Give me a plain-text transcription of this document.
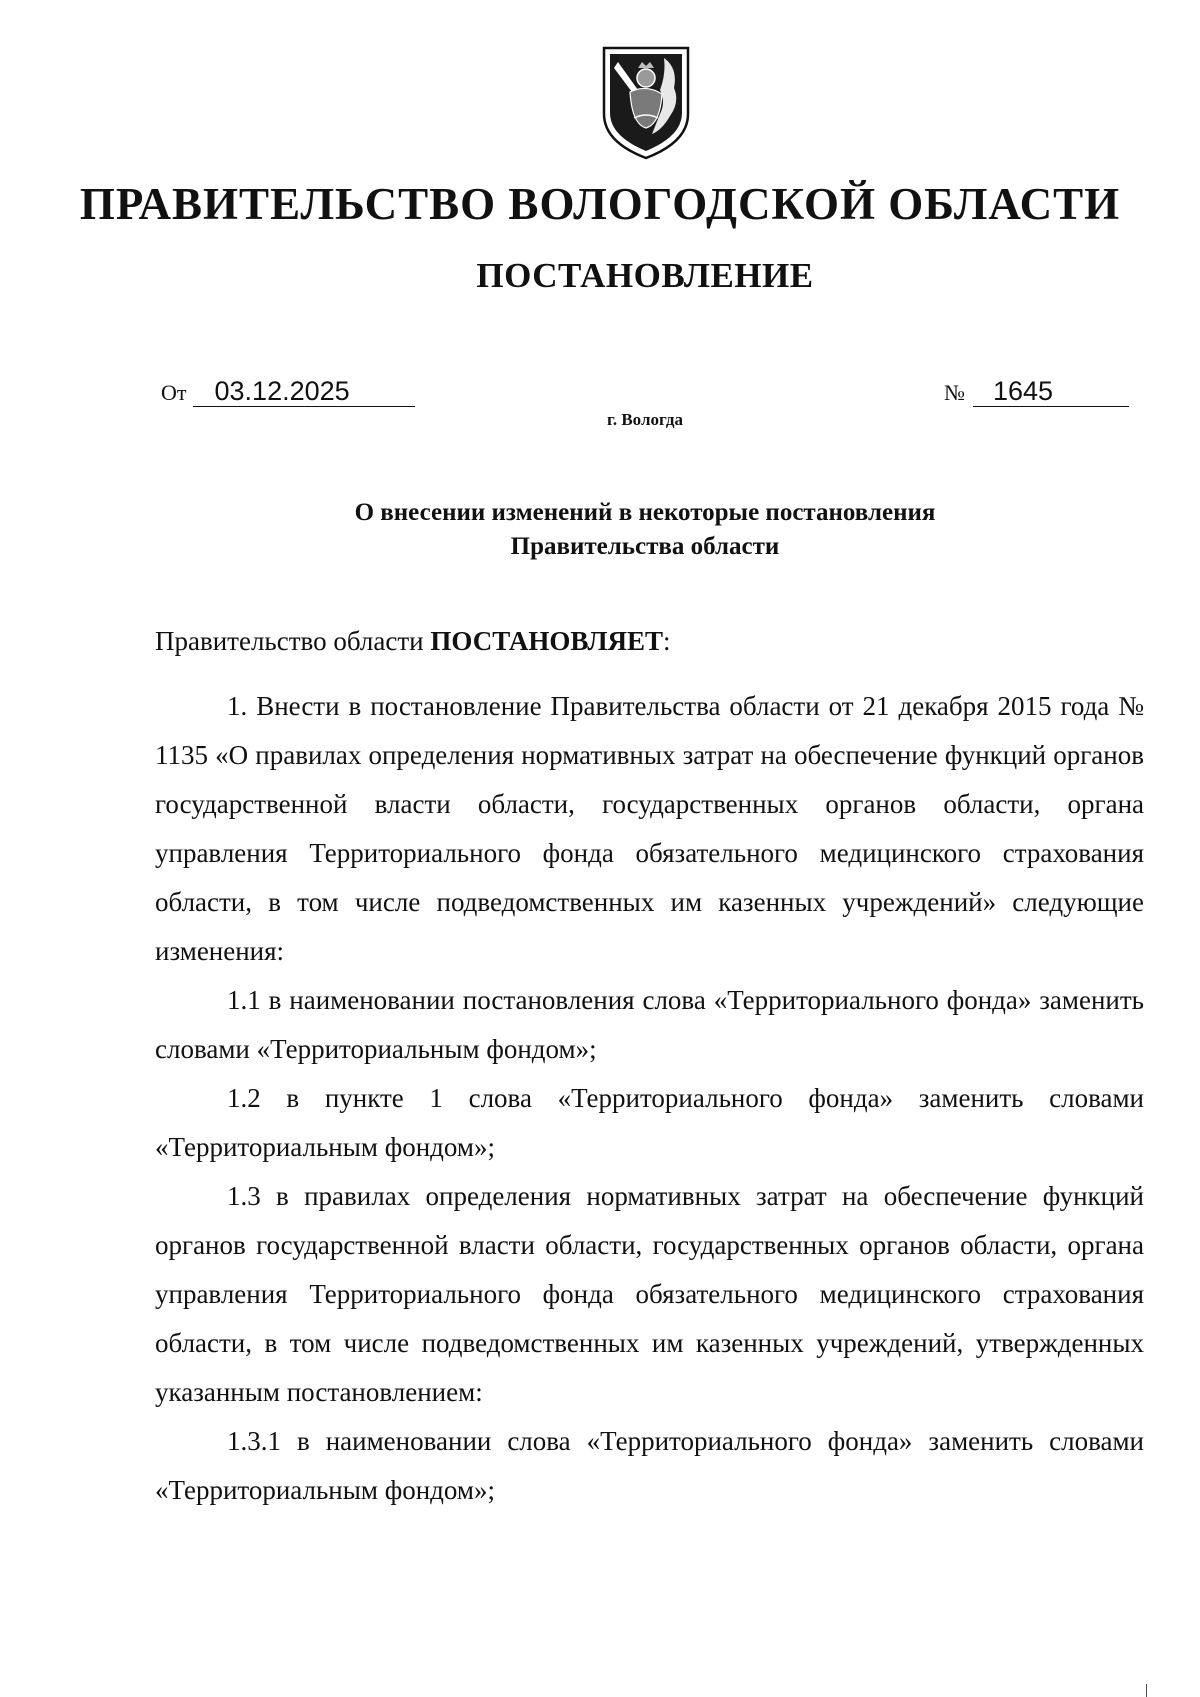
ПРАВИТЕЛЬСТВО ВОЛОГОДСКОЙ ОБЛАСТИ
ПОСТАНОВЛЕНИЕ
От 03.12.2025	№ 1645
г. Вологда
О внесении изменений в некоторые постановления
Правительства области

Правительство области ПОСТАНОВЛЯЕТ:

1. Внести в постановление Правительства области от 21 декабря 2015 года № 1135 «О правилах определения нормативных затрат на обеспечение функций органов государственной власти области, государственных органов области, органа управления Территориального фонда обязательного медицинского страхования области, в том числе подведомственных им казенных учреждений» следующие изменения:

1.1 в наименовании постановления слова «Территориального фонда» заменить словами «Территориальным фондом»;

1.2 в пункте 1 слова «Территориального фонда» заменить словами «Территориальным фондом»;

1.3 в правилах определения нормативных затрат на обеспечение функций органов государственной власти области, государственных органов области, органа управления Территориального фонда обязательного медицинского страхования области, в том числе подведомственных им казенных учреждений, утвержденных указанным постановлением:

1.3.1 в наименовании слова «Территориального фонда» заменить словами «Территориальным фондом»;
